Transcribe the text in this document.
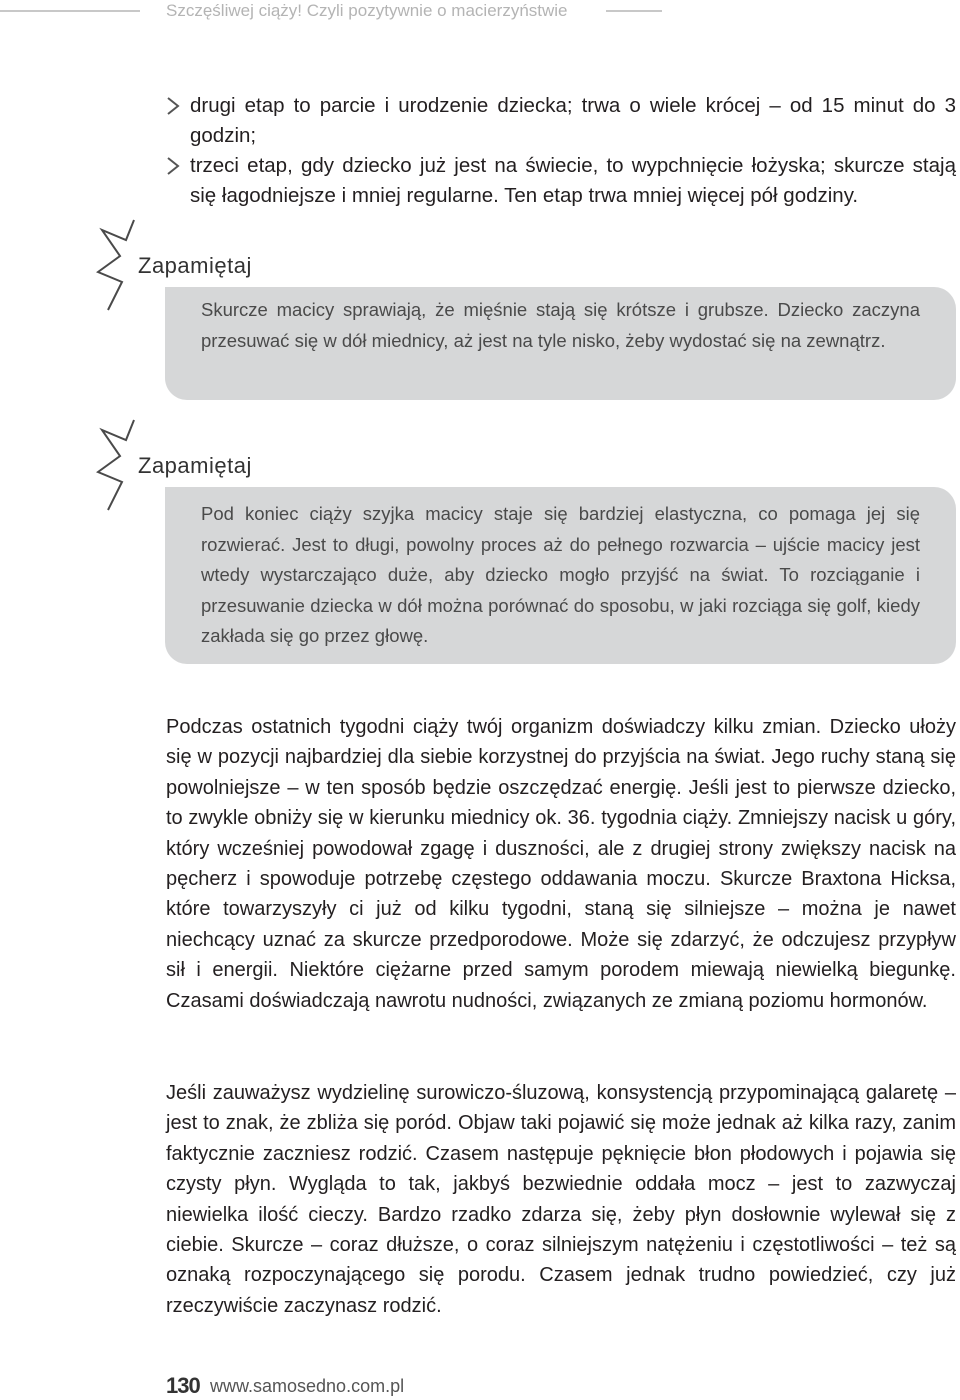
Szczęśliwej ciąży! Czyli pozytywnie o macierzyństwie
drugi etap to parcie i urodzenie dziecka; trwa o wiele krócej – od 15 minut do 3 godzin;
trzeci etap, gdy dziecko już jest na świecie, to wypchnięcie łożyska; skurcze stają się łagodniejsze i mniej regularne. Ten etap trwa mniej więcej pół godziny.
Skurcze macicy sprawiają, że mięśnie stają się krótsze i grubsze. Dziecko zaczyna przesuwać się w dół miednicy, aż jest na tyle nisko, żeby wydostać się na zewnątrz.
Zapamiętaj
Pod koniec ciąży szyjka macicy staje się bardziej elastyczna, co pomaga jej się rozwierać. Jest to długi, powolny proces aż do pełnego rozwarcia – ujście macicy jest wtedy wystarczająco duże, aby dziecko mogło przyjść na świat. To rozciąganie i przesuwanie dziecka w dół można porównać do sposobu, w jaki rozciąga się golf, kiedy zakłada się go przez głowę.
Zapamiętaj
Podczas ostatnich tygodni ciąży twój organizm doświadczy kilku zmian. Dziecko ułoży się w pozycji najbardziej dla siebie korzystnej do przyjścia na świat. Jego ruchy staną się powolniejsze – w ten sposób będzie oszczędzać energię. Jeśli jest to pierwsze dziecko, to zwykle obniży się w kierunku miednicy ok. 36. tygodnia ciąży. Zmniejszy nacisk u góry, który wcześniej powodował zgagę i duszności, ale z drugiej strony zwiększy nacisk na pęcherz i spowoduje potrzebę częstego oddawania moczu. Skurcze Braxtona Hicksa, które towarzyszyły ci już od kilku tygodni, staną się silniejsze – można je nawet niechcący uznać za skurcze przedporodowe. Może się zdarzyć, że odczujesz przypływ sił i energii. Niektóre ciężarne przed samym porodem miewają niewielką biegunkę. Czasami doświadczają nawrotu nudności, związanych ze zmianą poziomu hormonów.
Jeśli zauważysz wydzielinę surowiczo-śluzową, konsystencją przypominającą galaretę – jest to znak, że zbliża się poród. Objaw taki pojawić się może jednak aż kilka razy, zanim faktycznie zaczniesz rodzić. Czasem następuje pęknięcie błon płodowych i pojawia się czysty płyn. Wygląda to tak, jakbyś bezwiednie oddała mocz – jest to zazwyczaj niewielka ilość cieczy. Bardzo rzadko zdarza się, żeby płyn dosłownie wylewał się z ciebie. Skurcze – coraz dłuższe, o coraz silniejszym natężeniu i częstotliwości – też są oznaką rozpoczynającego się porodu. Czasem jednak trudno powiedzieć, czy już rzeczywiście zaczynasz rodzić.
130 www.samosedno.com.pl
